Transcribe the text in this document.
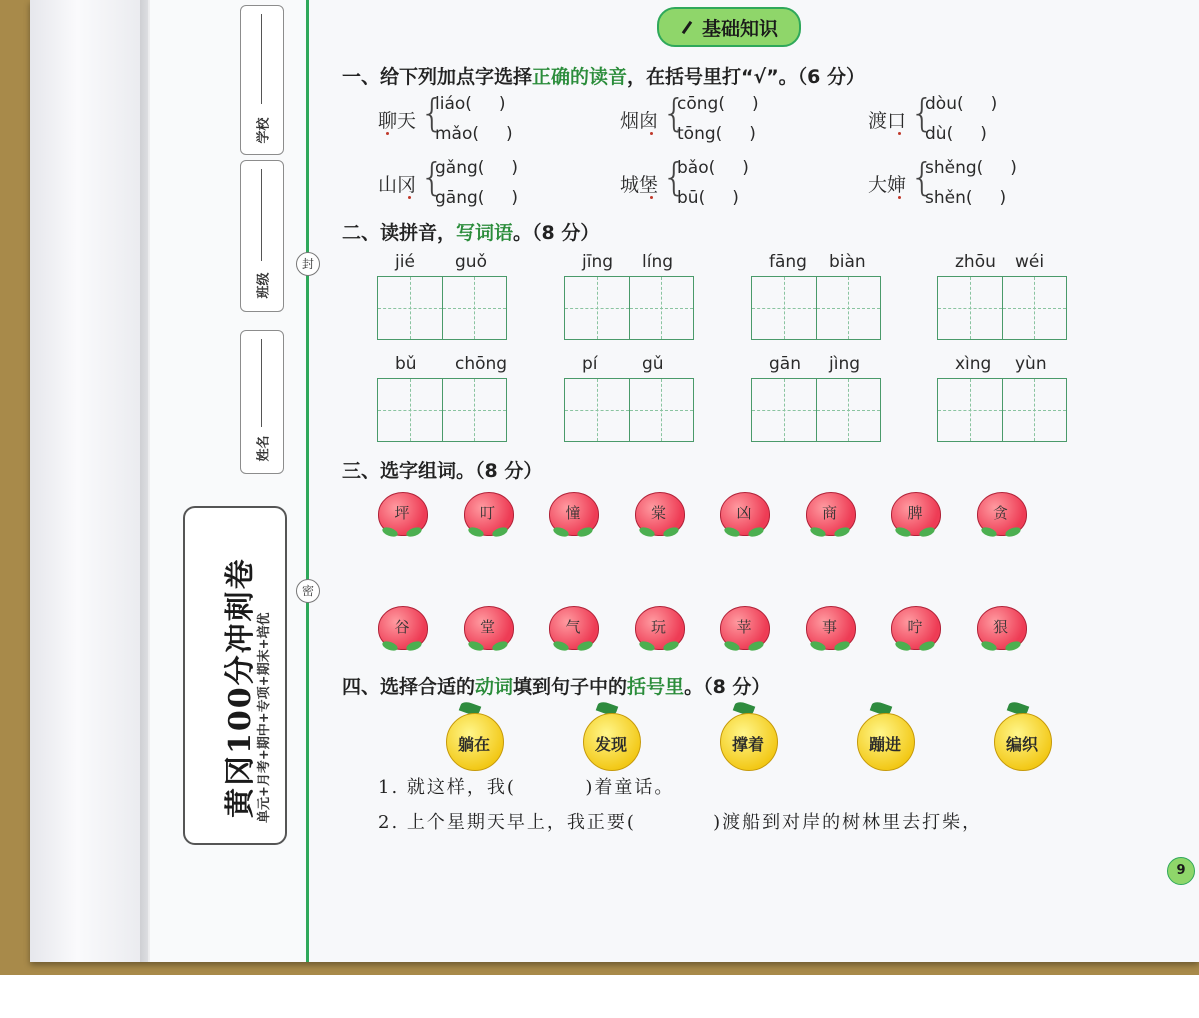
学校
班级
姓名
封
密
黄冈100分冲刺卷 单元+月考+期中+专项+期末+培优
基础知识
一、给下列加点字选择正确的读音，在括号里打“√”。（6 分）
聊天 {
liáo(     )
mǎo(     )
烟囱 {
cōng(     )
tōng(     )
渡口 {
dòu(     )
dù(     )
山冈 {
gǎng(     )
gāng(     )
城堡 {
bǎo(     )
bū(     )
大婶 {
shěng(     )
shěn(     )
二、读拼音，写词语。（8 分）
jié guǒ	jīng líng	fāng biàn	zhōu wéi
bǔ chōng	pí	gǔ	gān jìng	xìng yùn
三、选字组词。（8 分）
坪	叮	憧	棠	凶	商	脾	贪
谷	堂	气	玩	苹	事	咛	狠
四、选择合适的动词填到句子中的括号里。（8 分）
躺在	发现	撑着	蹦进	编织
1. 就这样，我(         )着童话。
2. 上个星期天早上，我正要(          )渡船到对岸的树林里去打柴，
9
